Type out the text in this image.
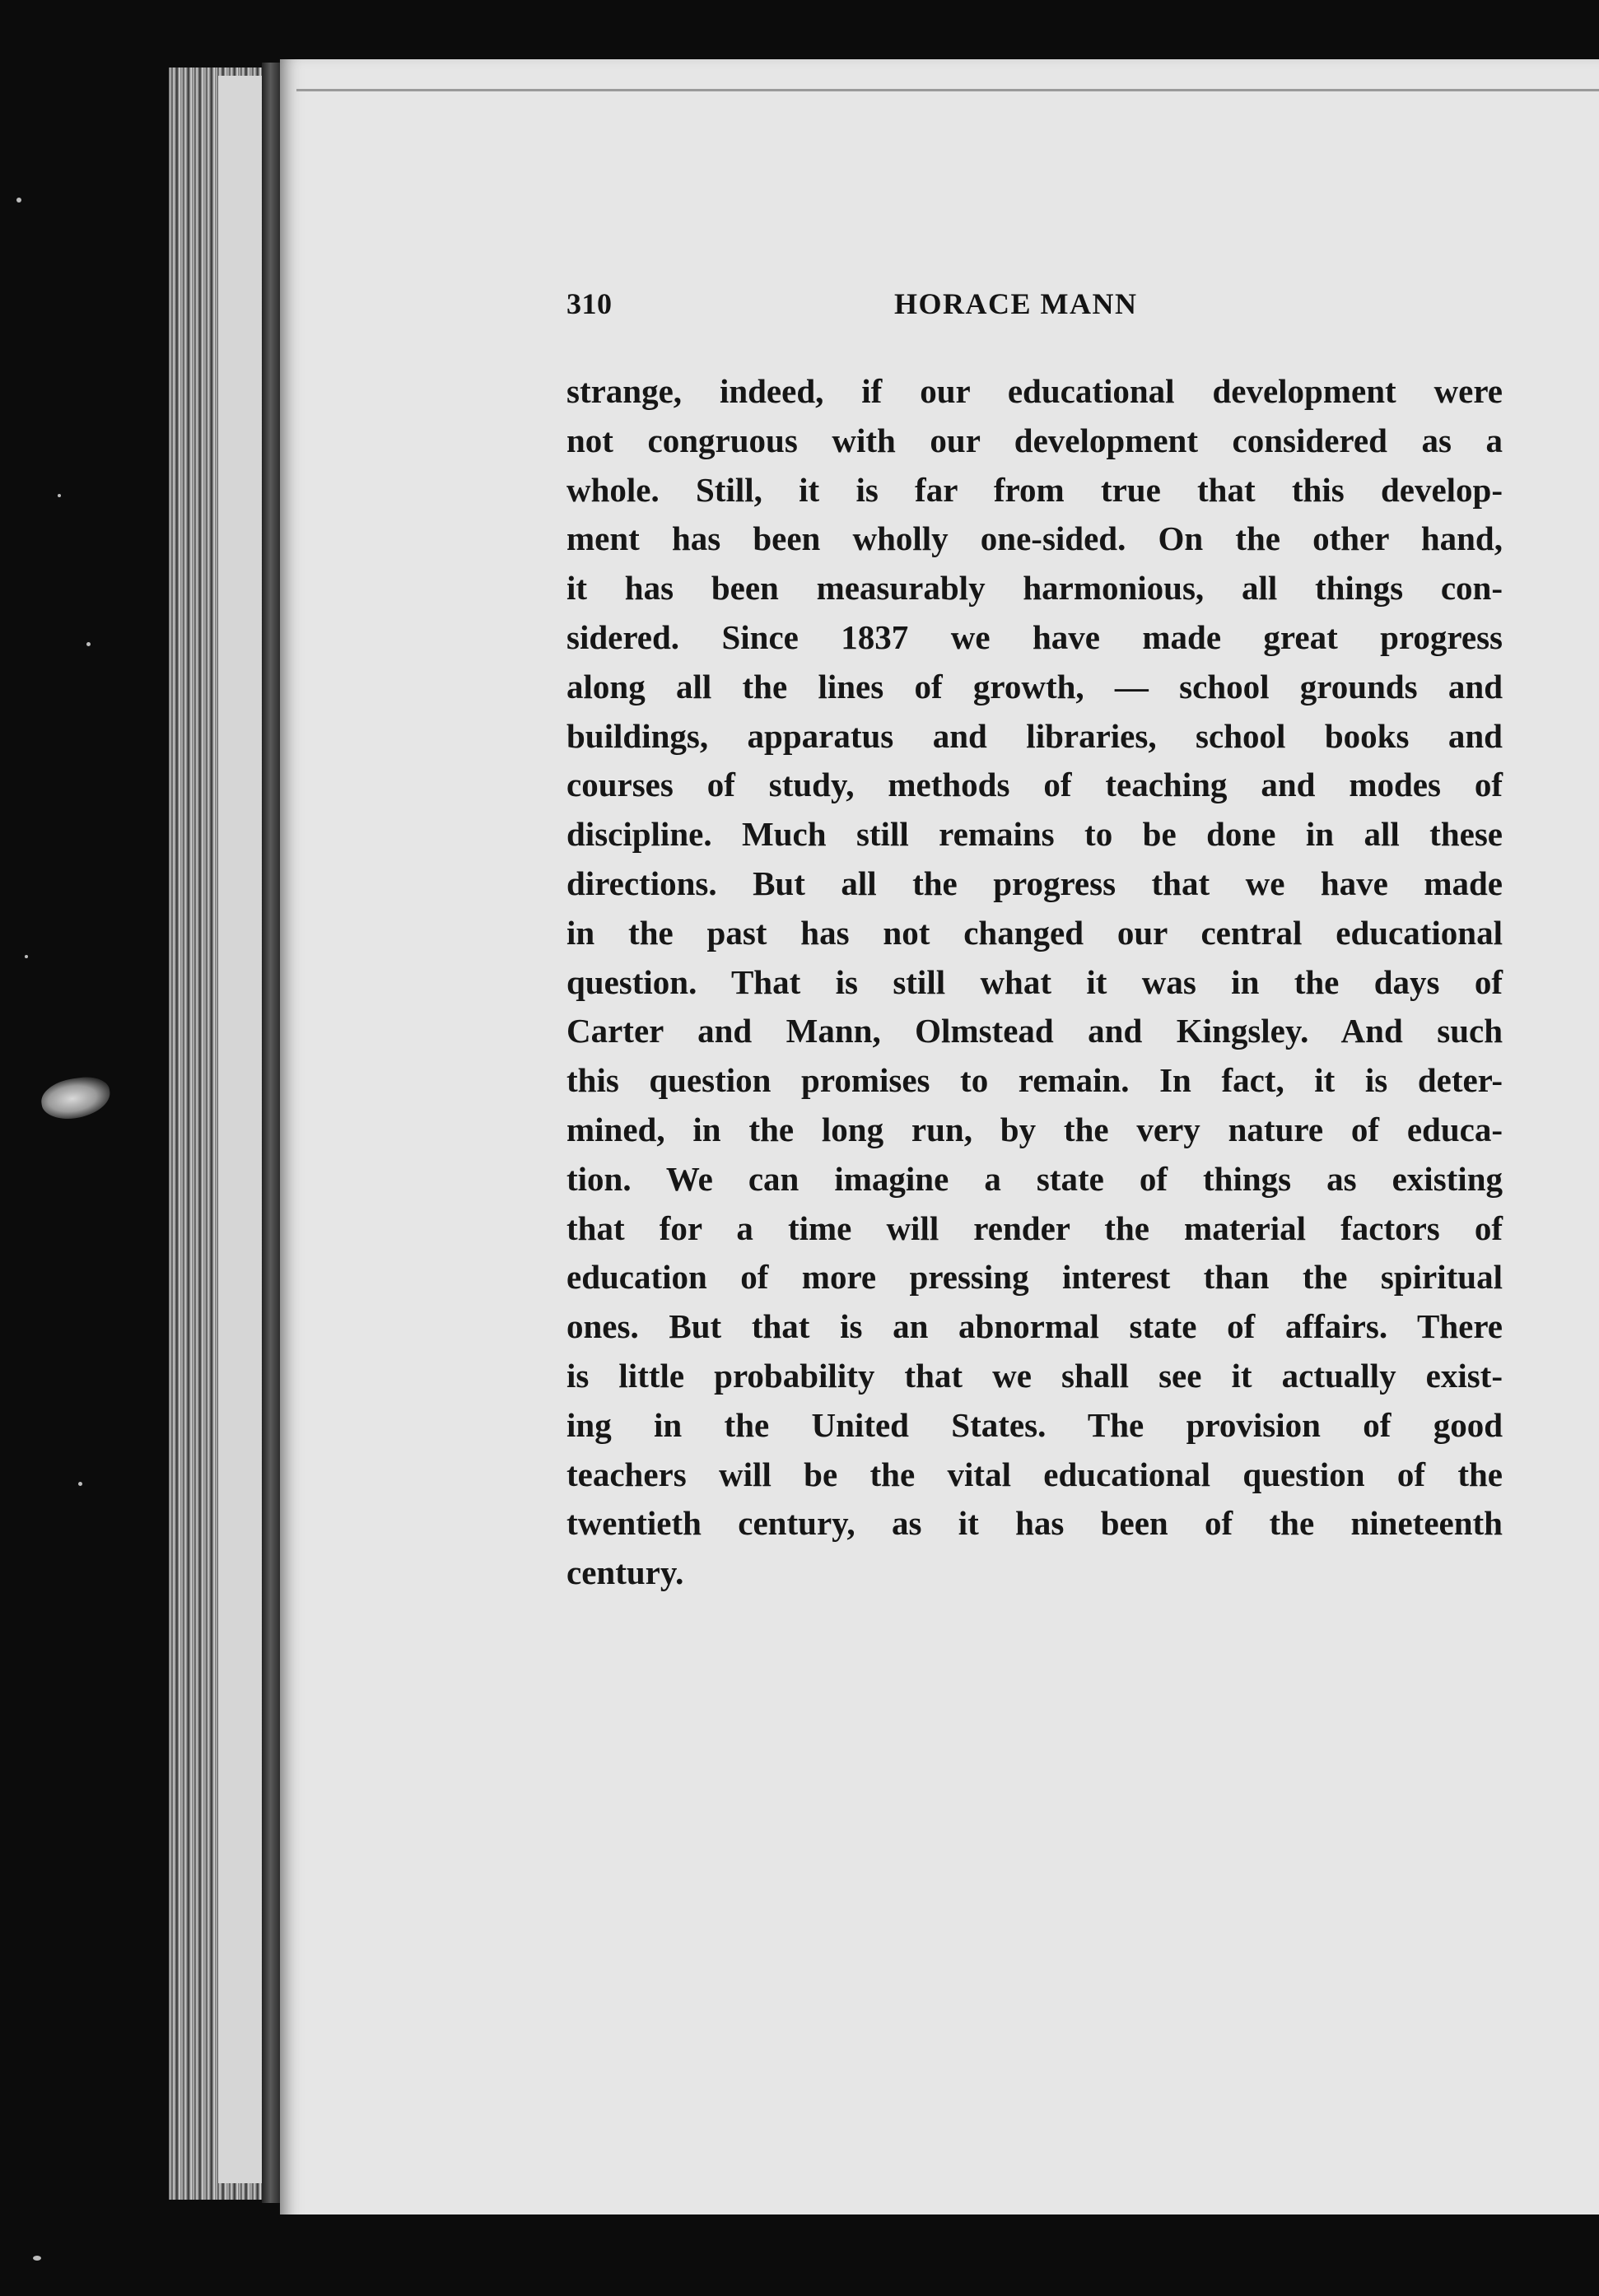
310	HORACE MANN
strange, indeed, if our educational development were
not congruous with our development considered as a
whole. Still, it is far from true that this develop-
ment has been wholly one-sided. On the other hand,
it has been measurably harmonious, all things con-
sidered. Since 1837 we have made great progress
along all the lines of growth, — school grounds and
buildings, apparatus and libraries, school books and
courses of study, methods of teaching and modes of
discipline. Much still remains to be done in all these
directions. But all the progress that we have made
in the past has not changed our central educational
question. That is still what it was in the days of
Carter and Mann, Olmstead and Kingsley. And such
this question promises to remain. In fact, it is deter-
mined, in the long run, by the very nature of educa-
tion. We can imagine a state of things as existing
that for a time will render the material factors of
education of more pressing interest than the spiritual
ones. But that is an abnormal state of affairs. There
is little probability that we shall see it actually exist-
ing in the United States. The provision of good
teachers will be the vital educational question of the
twentieth century, as it has been of the nineteenth
century.
